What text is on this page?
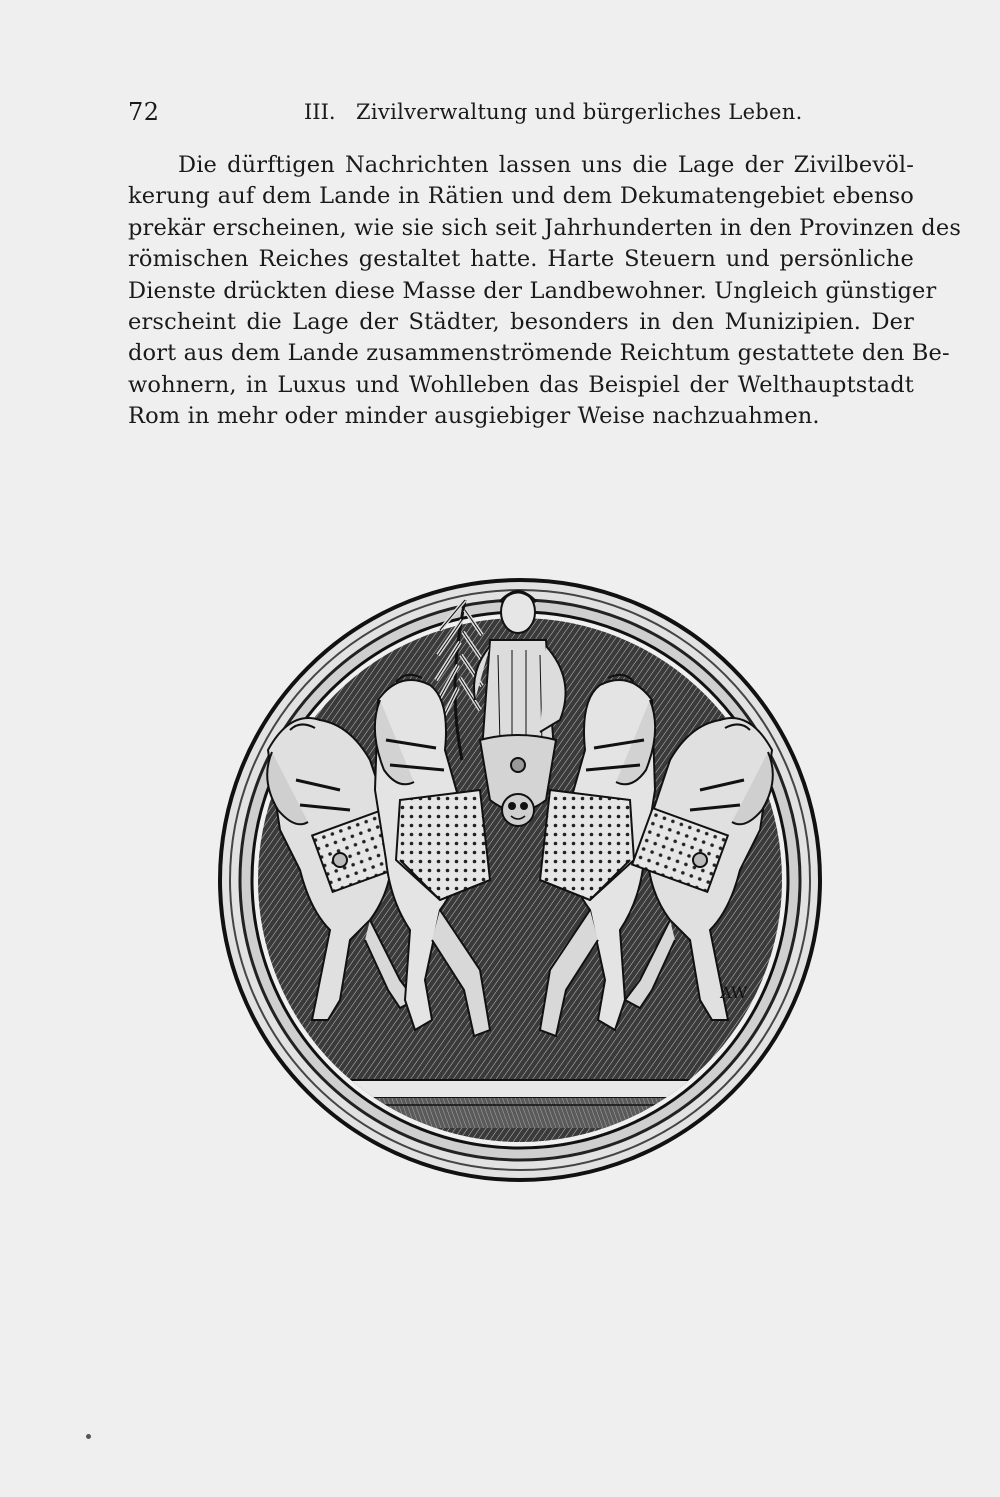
72	III. Zivilverwaltung und bürgerliches Leben.
Die dürftigen Nachrichten lassen uns die Lage der Zivilbevöl-
kerung auf dem Lande in Rätien und dem Dekumatengebiet ebenso
prekär erscheinen, wie sie sich seit Jahrhunderten in den Provinzen des
römischen Reiches gestaltet hatte. Harte Steuern und persönliche
Dienste drückten diese Masse der Landbewohner. Ungleich günstiger
erscheint die Lage der Städter, besonders in den Munizipien. Der
dort aus dem Lande zusammenströmende Reichtum gestattete den Be-
wohnern, in Luxus und Wohlleben das Beispiel der Welthauptstadt
Rom in mehr oder minder ausgiebiger Weise nachzuahmen.
AW
